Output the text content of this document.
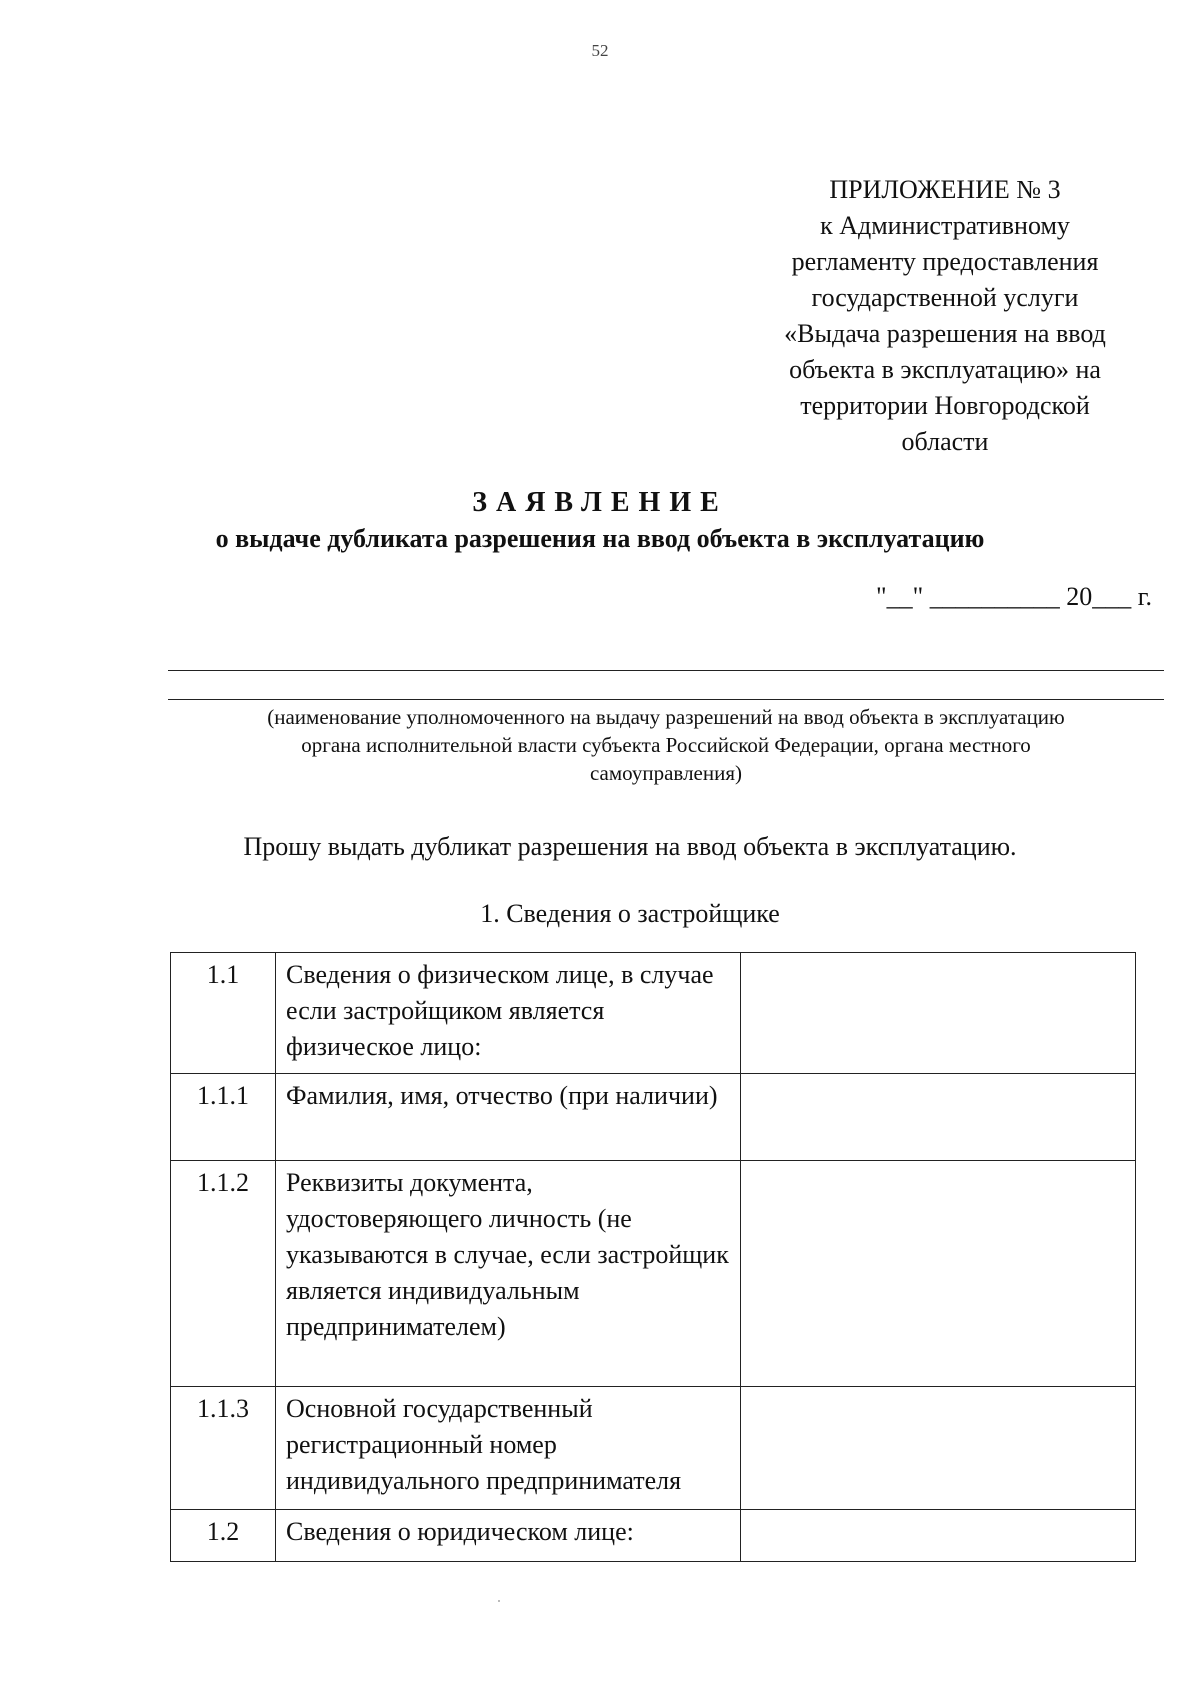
52
ПРИЛОЖЕНИЕ № 3
к Административному
регламенту предоставления
государственной услуги
«Выдача разрешения на ввод
объекта в эксплуатацию» на
территории Новгородской
области
ЗАЯВЛЕНИЕ
о выдаче дубликата разрешения на ввод объекта в эксплуатацию
"__" __________ 20___ г.
(наименование уполномоченного на выдачу разрешений на ввод объекта в эксплуатацию
органа исполнительной власти субъекта Российской Федерации, органа местного
самоуправления)
Прошу выдать дубликат разрешения на ввод объекта в эксплуатацию.
1. Сведения о застройщике
1.1	Сведения о физическом лице, в случае если застройщиком является физическое лицо:	
1.1.1	Фамилия, имя, отчество (при наличии)	
1.1.2	Реквизиты документа, удостоверяющего личность (не указываются в случае, если застройщик является индивидуальным предпринимателем)	
1.1.3	Основной государственный регистрационный номер индивидуального предпринимателя	
1.2	Сведения о юридическом лице:	
